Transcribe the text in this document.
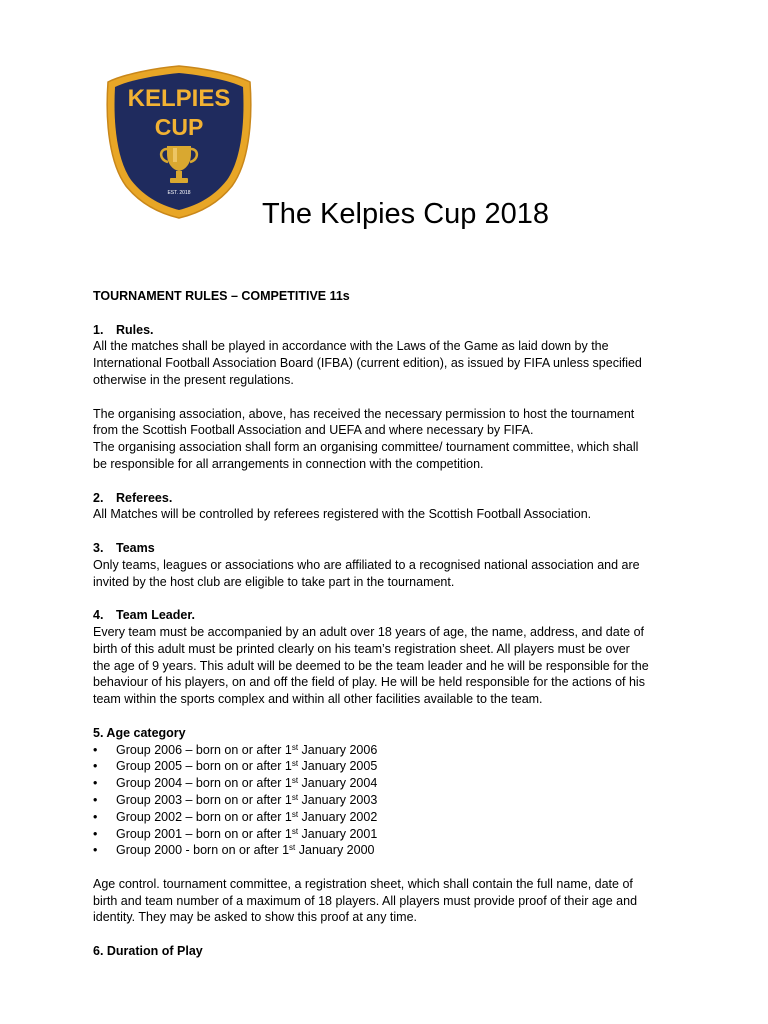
KELPIES
CUP
EST. 2018
The Kelpies Cup 2018

TOURNAMENT RULES – COMPETITIVE 11s

1. Rules.

All the matches shall be played in accordance with the Laws of the Game as laid down by the
International Football Association Board (IFBA) (current edition), as issued by FIFA unless specified
otherwise in the present regulations.

The organising association, above, has received the necessary permission to host the tournament
from the Scottish Football Association and UEFA and where necessary by FIFA.
The organising association shall form an organising committee/ tournament committee, which shall
be responsible for all arrangements in connection with the competition.

2. Referees.

All Matches will be controlled by referees registered with the Scottish Football Association.

3. Teams

Only teams, leagues or associations who are affiliated to a recognised national association and are
invited by the host club are eligible to take part in the tournament.

4. Team Leader.

Every team must be accompanied by an adult over 18 years of age, the name, address, and date of
birth of this adult must be printed clearly on his team’s registration sheet. All players must be over
the age of 9 years. This adult will be deemed to be the team leader and he will be responsible for the
behaviour of his players, on and off the field of play. He will be held responsible for the actions of his
team within the sports complex and within all other facilities available to the team.

5. Age category

• Group 2006 – born on or after 1st January 2006
• Group 2005 – born on or after 1st January 2005
• Group 2004 – born on or after 1st January 2004
• Group 2003 – born on or after 1st January 2003
• Group 2002 – born on or after 1st January 2002
• Group 2001 – born on or after 1st January 2001
• Group 2000 - born on or after 1st January 2000

Age control. tournament committee, a registration sheet, which shall contain the full name, date of
birth and team number of a maximum of 18 players. All players must provide proof of their age and
identity. They may be asked to show this proof at any time.

6. Duration of Play
